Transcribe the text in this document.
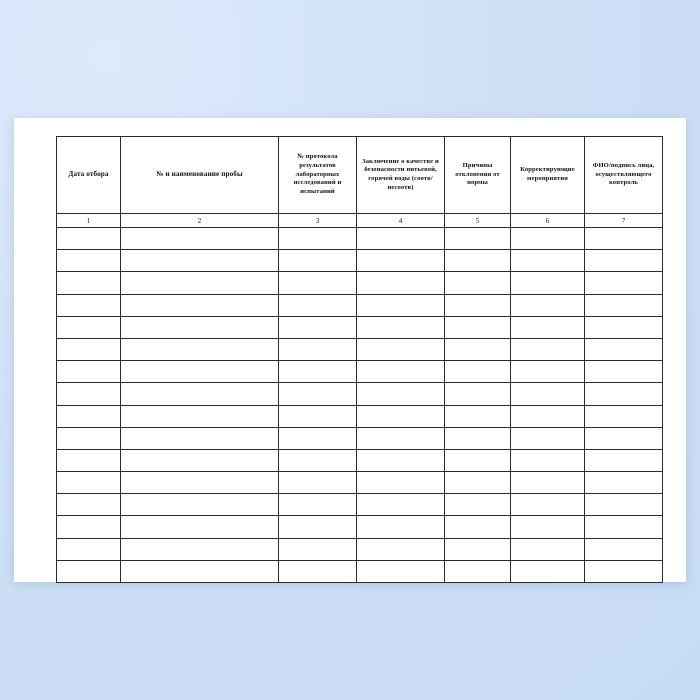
Дата отбора	№ и наименование пробы	№ протокола результатов лабораторных исследований и испытаний	Заключение о качестве и безопасности питьевой, горячей воды (соотв/несоотв)	Причины отклонения от нормы	Корректирующие мероприятия	ФИО/подпись лица, осуществляющего контроль
1	2	3	4	5	6	7
